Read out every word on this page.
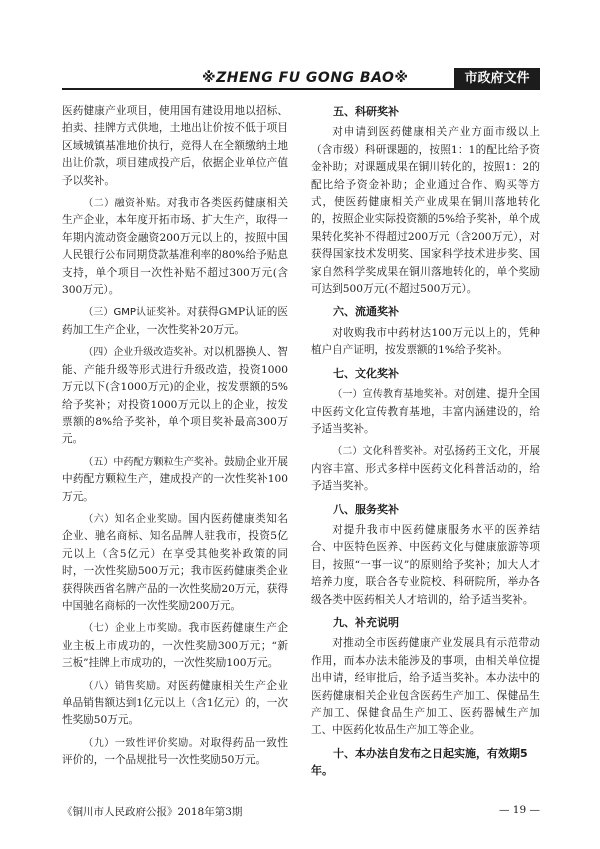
※ZHENG FU GONG BAO※	市政府文件

医药健康产业项目，使用国有建设用地以招标、拍卖、挂牌方式供地，土地出让价按不低于项目区域城镇基准地价执行，竞得人在全额缴纳土地出让价款，项目建成投产后，依据企业单位产值予以奖补。

（二）融资补贴。对我市各类医药健康相关生产企业，本年度开拓市场、扩大生产，取得一年期内流动资金融资200万元以上的，按照中国人民银行公布同期贷款基准利率的80%给予贴息支持，单个项目一次性补贴不超过300万元(含300万元）。

（三）GMP认证奖补。对获得GMP认证的医药加工生产企业，一次性奖补20万元。

（四）企业升级改造奖补。对以机器换人、智能、产能升级等形式进行升级改造，投资1000万元以下(含1000万元)的企业，按发票额的5%给予奖补；对投资1000万元以上的企业，按发票额的8%给予奖补，单个项目奖补最高300万元。

（五）中药配方颗粒生产奖补。鼓励企业开展中药配方颗粒生产，建成投产的一次性奖补100万元。

（六）知名企业奖励。国内医药健康类知名企业、驰名商标、知名品牌人驻我市，投资5亿元以上（含5亿元）在享受其他奖补政策的同时，一次性奖励500万元；我市医药健康类企业获得陕西省名牌产品的一次性奖励20万元，获得中国驰名商标的一次性奖励200万元。

（七）企业上市奖励。我市医药健康生产企业主板上市成功的，一次性奖励300万元；“新三板”挂牌上市成功的，一次性奖励100万元。

（八）销售奖励。对医药健康相关生产企业单品销售额达到1亿元以上（含1亿元）的，一次性奖励50万元。

（九）一致性评价奖励。对取得药品一致性评价的，一个品规批号一次性奖励50万元。

五、科研奖补

对申请到医药健康相关产业方面市级以上（含市级）科研课题的，按照1：1的配比给予资金补助；对课题成果在铜川转化的，按照1：2的配比给予资金补助；企业通过合作、购买等方式，使医药健康相关产业成果在铜川落地转化的，按照企业实际投资额的5%给予奖补，单个成果转化奖补不得超过200万元（含200万元），对获得国家技术发明奖、国家科学技术进步奖、国家自然科学奖成果在铜川落地转化的，单个奖励可达到500万元(不超过500万元）。

六、流通奖补

对收购我市中药材达100万元以上的，凭种植户自产证明，按发票额的1%给予奖补。

七、文化奖补

（一）宣传教育基地奖补。对创建、提升全国中医药文化宣传教育基地，丰富内涵建设的，给予适当奖补。

（二）文化科普奖补。对弘扬药王文化，开展内容丰富、形式多样中医药文化科普活动的，给予适当奖补。

八、服务奖补

对提升我市中医药健康服务水平的医养结合、中医特色医养、中医药文化与健康旅游等项目，按照“一事一议”的原则给予奖补；加大人才培养力度，联合各专业院校、科研院所，举办各级各类中医药相关人才培训的，给予适当奖补。

九、补充说明

对推动全市医药健康产业发展具有示范带动作用，而本办法未能涉及的事项，由相关单位提出申请，经审批后，给予适当奖补。本办法中的医药健康相关企业包含医药生产加工、保健品生产加工、保健食品生产加工、医药器械生产加工、中医药化妆品生产加工等企业。

十、本办法自发布之日起实施，有效期5年。

《铜川市人民政府公报》2018年第3期	— 19 —
